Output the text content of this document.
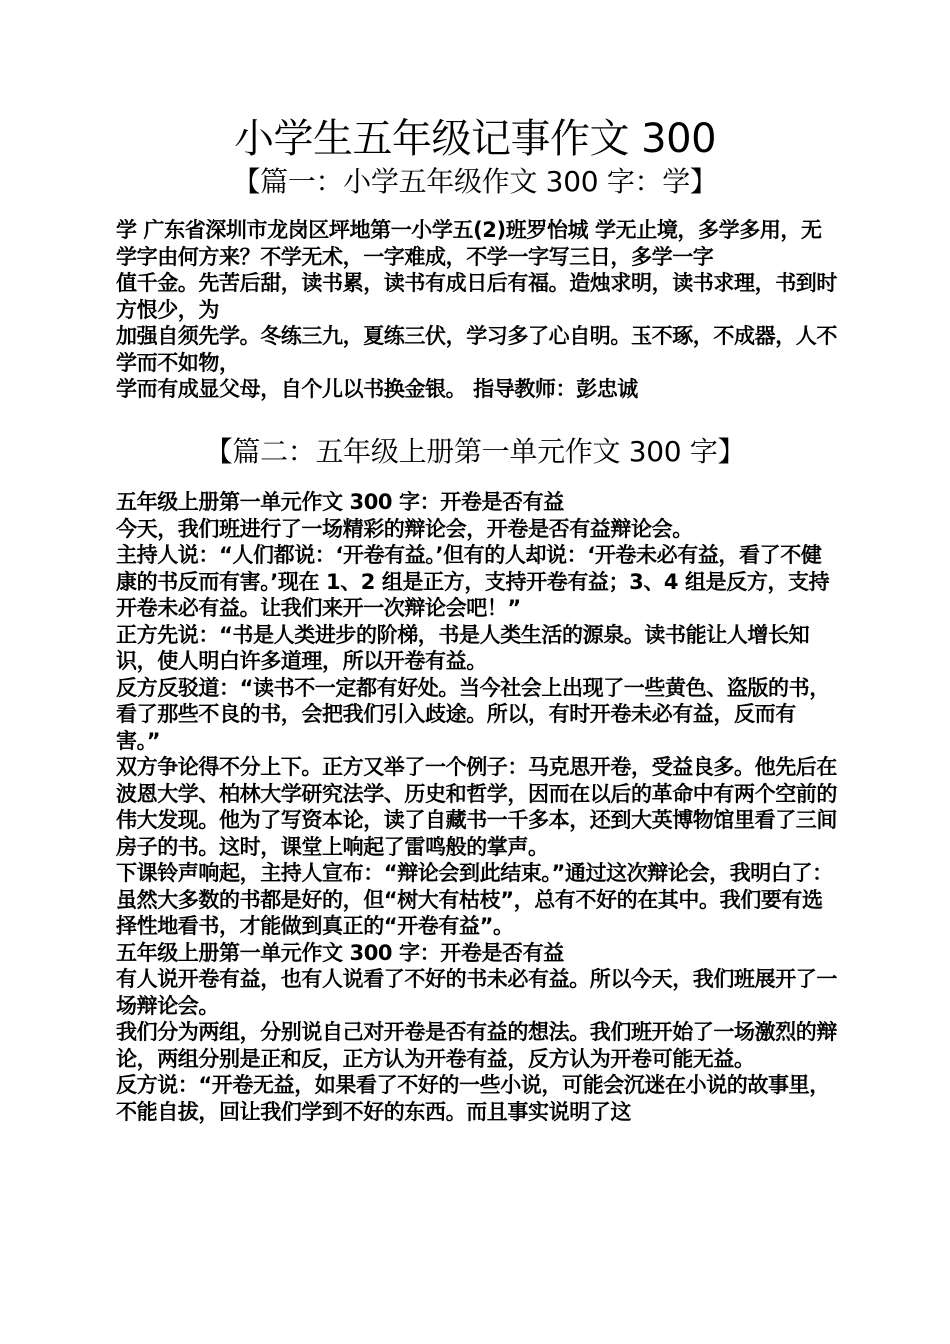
小学生五年级记事作文 300
【篇一：小学五年级作文 300 字：学】

学 广东省深圳市龙岗区坪地第一小学五(2)班罗怡城 学无止境，多学多用，无学字由何方来？不学无术，一字难成，不学一字写三日，多学一字

值千金。先苦后甜，读书累，读书有成日后有福。造烛求明，读书求理，书到时方恨少，为

加强自须先学。冬练三九，夏练三伏，学习多了心自明。玉不琢，不成器，人不学而不如物，

学而有成显父母，自个儿以书换金银。 指导教师：彭忠诚

【篇二：五年级上册第一单元作文 300 字】

五年级上册第一单元作文 300 字：开卷是否有益

今天，我们班进行了一场精彩的辩论会，开卷是否有益辩论会。

主持人说：“人们都说：‘开卷有益。’但有的人却说：‘开卷未必有益，看了不健康的书反而有害。’现在 1、2 组是正方，支持开卷有益；3、4 组是反方，支持开卷未必有益。让我们来开一次辩论会吧！”

正方先说：“书是人类进步的阶梯，书是人类生活的源泉。读书能让人增长知识，使人明白许多道理，所以开卷有益。

反方反驳道：“读书不一定都有好处。当今社会上出现了一些黄色、盗版的书，看了那些不良的书，会把我们引入歧途。所以，有时开卷未必有益，反而有害。”

双方争论得不分上下。正方又举了一个例子：马克思开卷，受益良多。他先后在波恩大学、柏林大学研究法学、历史和哲学，因而在以后的革命中有两个空前的伟大发现。他为了写资本论，读了自藏书一千多本，还到大英博物馆里看了三间房子的书。这时，课堂上响起了雷鸣般的掌声。

下课铃声响起，主持人宣布：“辩论会到此结束。”通过这次辩论会，我明白了：虽然大多数的书都是好的，但“树大有枯枝”，总有不好的在其中。我们要有选择性地看书，才能做到真正的“开卷有益”。

五年级上册第一单元作文 300 字：开卷是否有益

有人说开卷有益，也有人说看了不好的书未必有益。所以今天，我们班展开了一场辩论会。

我们分为两组，分别说自己对开卷是否有益的想法。我们班开始了一场激烈的辩论，两组分别是正和反，正方认为开卷有益，反方认为开卷可能无益。

反方说：“开卷无益，如果看了不好的一些小说，可能会沉迷在小说的故事里，不能自拔，回让我们学到不好的东西。而且事实说明了这
